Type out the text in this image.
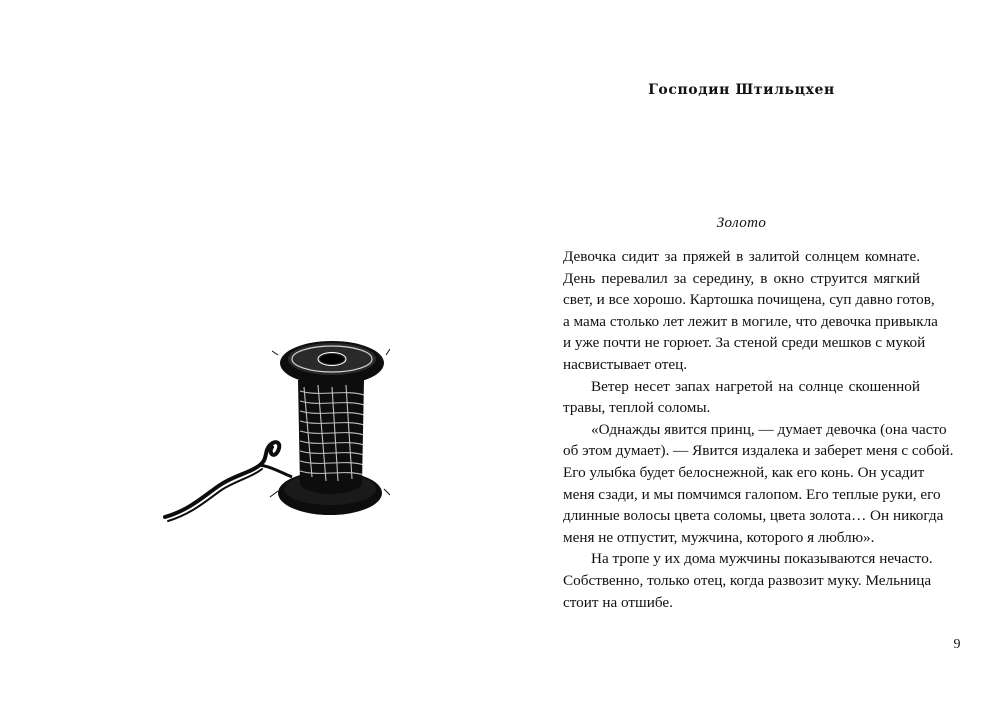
Господин Штильцхен
Золото
Девочка сидит за пряжей в залитой солнцем комнате.
День перевалил за середину, в окно струится мягкий
свет, и все хорошо. Картошка почищена, суп давно готов,
а мама столько лет лежит в могиле, что девочка привыкла
и уже почти не горюет. За стеной среди мешков с мукой
насвистывает отец.
Ветер несет запах нагретой на солнце скошенной
травы, теплой соломы.
«Однажды явится принц, — думает девочка (она часто
об этом думает). — Явится издалека и заберет меня с собой.
Его улыбка будет белоснежной, как его конь. Он усадит
меня сзади, и мы помчимся галопом. Его теплые руки, его
длинные волосы цвета соломы, цвета золота… Он никогда
меня не отпустит, мужчина, которого я люблю».
На тропе у их дома мужчины показываются нечасто.
Собственно, только отец, когда развозит муку. Мельница
стоит на отшибе.
9
